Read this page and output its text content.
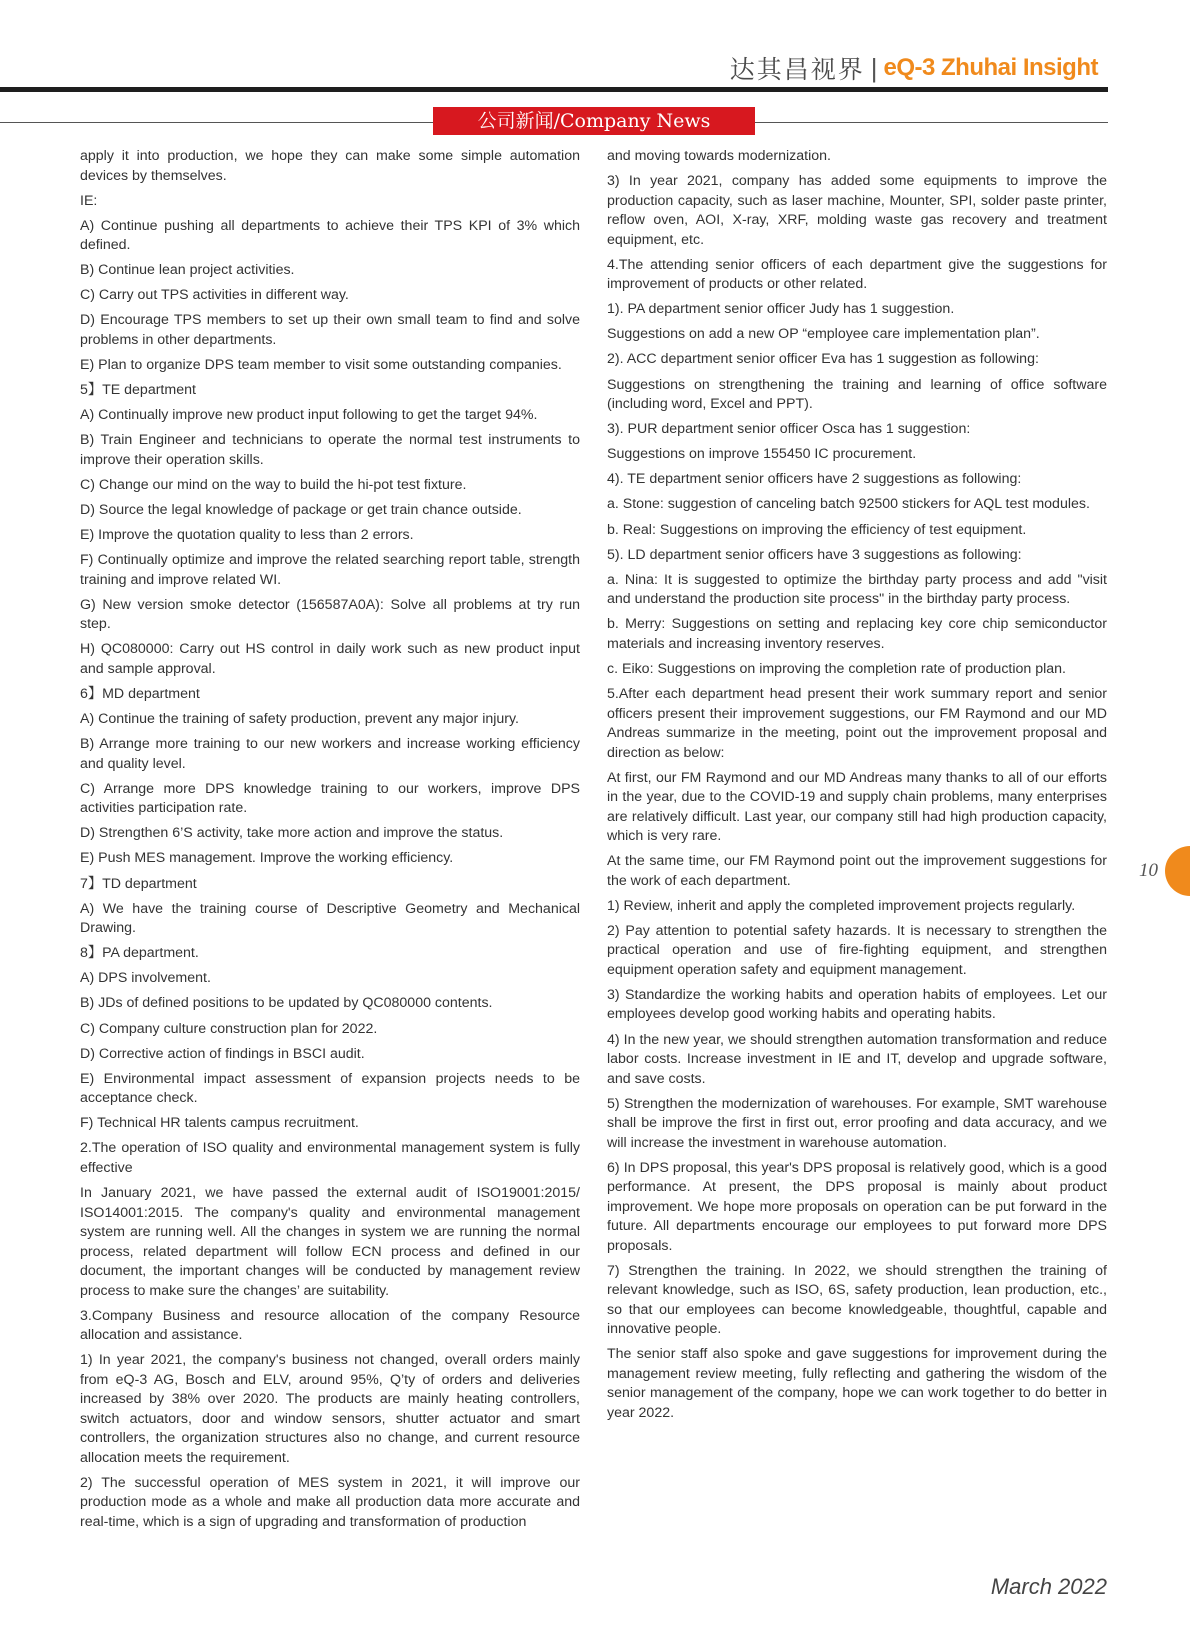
达其昌视界 | eQ-3 Zhuhai Insight
公司新闻/Company News

apply it into production, we hope they can make some simple automation devices by themselves.

IE:

A) Continue pushing all departments to achieve their TPS KPI of 3% which defined.

B) Continue lean project activities.

C) Carry out TPS activities in different way.

D) Encourage TPS members to set up their own small team to find and solve problems in other departments.

E) Plan to organize DPS team member to visit some outstanding companies.

5】TE department

A) Continually improve new product input following to get the target 94%.

B) Train Engineer and technicians to operate the normal test instruments to improve their operation skills.

C) Change our mind on the way to build the hi-pot test fixture.

D) Source the legal knowledge of package or get train chance outside.

E) Improve the quotation quality to less than 2 errors.

F) Continually optimize and improve the related searching report table, strength training and improve related WI.

G) New version smoke detector (156587A0A): Solve all problems at try run step.

H) QC080000: Carry out HS control in daily work such as new product input and sample approval.

6】MD department

A) Continue the training of safety production, prevent any major injury.

B) Arrange more training to our new workers and increase working efficiency and quality level.

C) Arrange more DPS knowledge training to our workers, improve DPS activities participation rate.

D) Strengthen 6’S activity, take more action and improve the status.

E) Push MES management. Improve the working efficiency.

7】TD department

A) We have the training course of Descriptive Geometry and Mechanical Drawing.

8】PA department.

A) DPS involvement.

B) JDs of defined positions to be updated by QC080000 contents.

C) Company culture construction plan for 2022.

D) Corrective action of findings in BSCI audit.

E) Environmental impact assessment of expansion projects needs to be acceptance check.

F) Technical HR talents campus recruitment.

2.The operation of ISO quality and environmental management system is fully effective

In January 2021, we have passed the external audit of ISO19001:2015/ ISO14001:2015. The company's quality and environmental management system are running well. All the changes in system we are running the normal process, related department will follow ECN process and defined in our document, the important changes will be conducted by management review process to make sure the changes’ are suitability.

3.Company Business and resource allocation of the company Resource allocation and assistance.

1) In year 2021, the company's business not changed, overall orders mainly from eQ-3 AG, Bosch and ELV, around 95%, Q’ty of orders and deliveries increased by 38% over 2020. The products are mainly heating controllers, switch actuators, door and window sensors, shutter actuator and smart controllers, the organization structures also no change, and current resource allocation meets the requirement.

2) The successful operation of MES system in 2021, it will improve our production mode as a whole and make all production data more accurate and real-time, which is a sign of upgrading and transformation of production

and moving towards modernization.

3) In year 2021, company has added some equipments to improve the production capacity, such as laser machine, Mounter, SPI, solder paste printer, reflow oven, AOI, X-ray, XRF, molding waste gas recovery and treatment equipment, etc.

4.The attending senior officers of each department give the suggestions for improvement of products or other related.

1). PA department senior officer Judy has 1 suggestion.

Suggestions on add a new OP “employee care implementation plan”.

2). ACC department senior officer Eva has 1 suggestion as following:

Suggestions on strengthening the training and learning of office software (including word, Excel and PPT).

3). PUR department senior officer Osca has 1 suggestion:

Suggestions on improve 155450 IC procurement.

4). TE department senior officers have 2 suggestions as following:

a. Stone: suggestion of canceling batch 92500 stickers for AQL test modules.

b. Real: Suggestions on improving the efficiency of test equipment.

5). LD department senior officers have 3 suggestions as following:

a. Nina: It is suggested to optimize the birthday party process and add "visit and understand the production site process" in the birthday party process.

b. Merry: Suggestions on setting and replacing key core chip semiconductor materials and increasing inventory reserves.

c. Eiko: Suggestions on improving the completion rate of production plan.

5.After each department head present their work summary report and senior officers present their improvement suggestions, our FM Raymond and our MD Andreas summarize in the meeting, point out the improvement proposal and direction as below:

At first, our FM Raymond and our MD Andreas many thanks to all of our efforts in the year, due to the COVID-19 and supply chain problems, many enterprises are relatively difficult. Last year, our company still had high production capacity, which is very rare.

At the same time, our FM Raymond point out the improvement suggestions for the work of each department.

1) Review, inherit and apply the completed improvement projects regularly.

2) Pay attention to potential safety hazards. It is necessary to strengthen the practical operation and use of fire-fighting equipment, and strengthen equipment operation safety and equipment management.

3) Standardize the working habits and operation habits of employees. Let our employees develop good working habits and operating habits.

4) In the new year, we should strengthen automation transformation and reduce labor costs. Increase investment in IE and IT, develop and upgrade software, and save costs.

5) Strengthen the modernization of warehouses. For example, SMT warehouse shall be improve the first in first out, error proofing and data accuracy, and we will increase the investment in warehouse automation.

6) In DPS proposal, this year's DPS proposal is relatively good, which is a good performance. At present, the DPS proposal is mainly about product improvement. We hope more proposals on operation can be put forward in the future. All departments encourage our employees to put forward more DPS proposals.

7) Strengthen the training. In 2022, we should strengthen the training of relevant knowledge, such as ISO, 6S, safety production, lean production, etc., so that our employees can become knowledgeable, thoughtful, capable and innovative people.

The senior staff also spoke and gave suggestions for improvement during the management review meeting, fully reflecting and gathering the wisdom of the senior management of the company, hope we can work together to do better in year 2022.

10
March 2022
